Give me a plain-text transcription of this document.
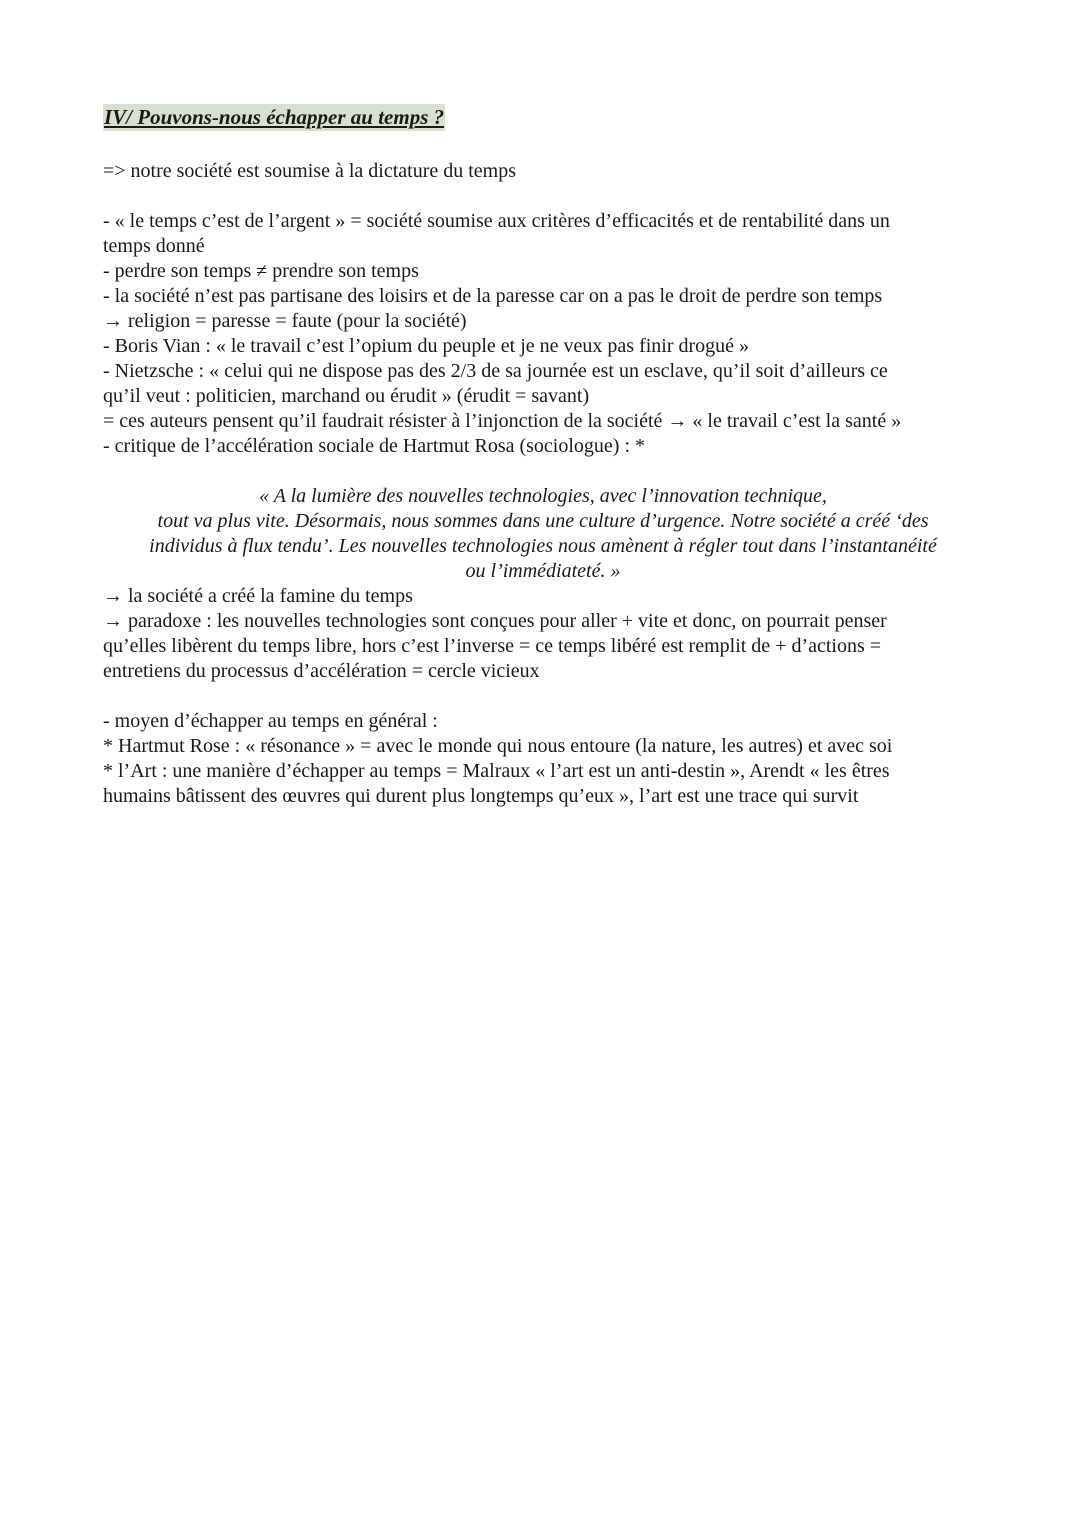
IV/ Pouvons-nous échapper au temps ?
=> notre société est soumise à la dictature du temps
- « le temps c’est de l’argent » = société soumise aux critères d’efficacités et de rentabilité dans un
temps donné
- perdre son temps ≠ prendre son temps
- la société n’est pas partisane des loisirs et de la paresse car on a pas le droit de perdre son temps
→ religion = paresse = faute (pour la société)
- Boris Vian : « le travail c’est l’opium du peuple et je ne veux pas finir drogué »
- Nietzsche : « celui qui ne dispose pas des 2/3 de sa journée est un esclave, qu’il soit d’ailleurs ce
qu’il veut : politicien, marchand ou érudit » (érudit = savant)
= ces auteurs pensent qu’il faudrait résister à l’injonction de la société → « le travail c’est la santé »
- critique de l’accélération sociale de Hartmut Rosa (sociologue) : *
« A la lumière des nouvelles technologies, avec l’innovation technique,
tout va plus vite. Désormais, nous sommes dans une culture d’urgence. Notre société a créé ‘des
individus à flux tendu’. Les nouvelles technologies nous amènent à régler tout dans l’instantanéité
ou l’immédiateté. »
→ la société a créé la famine du temps
→ paradoxe : les nouvelles technologies sont conçues pour aller + vite et donc, on pourrait penser
qu’elles libèrent du temps libre, hors c’est l’inverse = ce temps libéré est remplit de + d’actions =
entretiens du processus d’accélération = cercle vicieux
- moyen d’échapper au temps en général :
* Hartmut Rose : « résonance » = avec le monde qui nous entoure (la nature, les autres) et avec soi
* l’Art : une manière d’échapper au temps = Malraux « l’art est un anti-destin », Arendt « les êtres
humains bâtissent des œuvres qui durent plus longtemps qu’eux », l’art est une trace qui survit
